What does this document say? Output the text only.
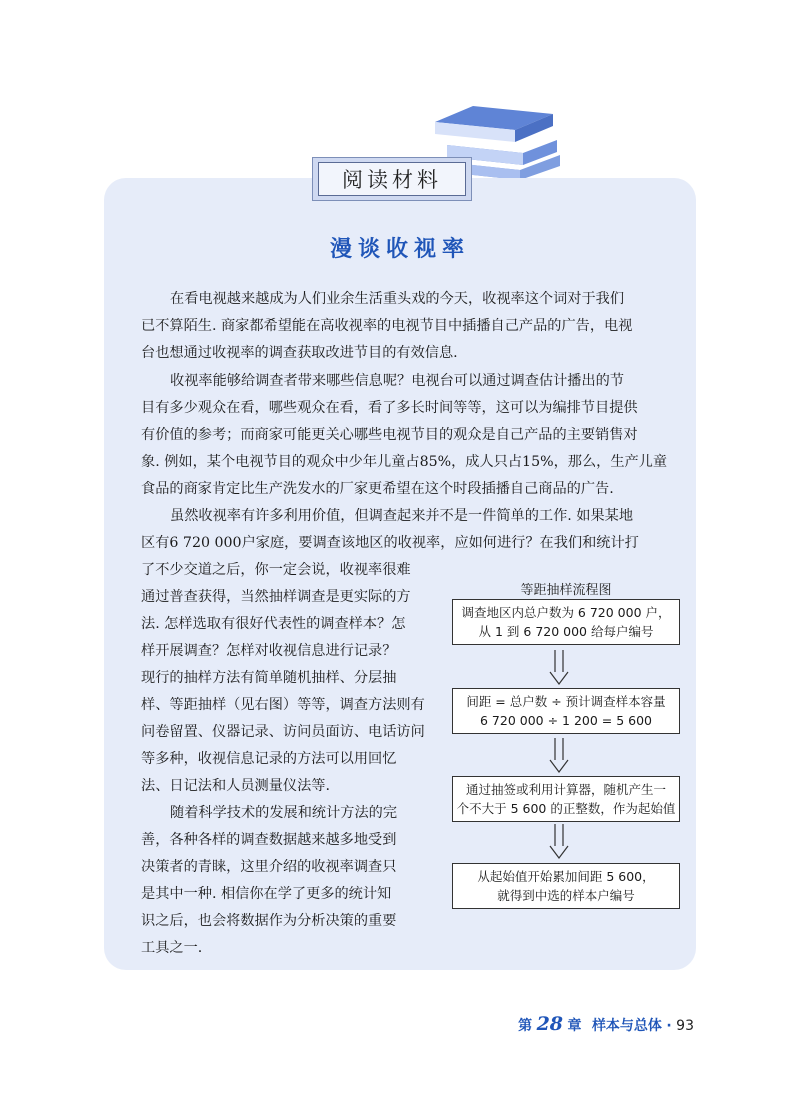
阅读材料
漫谈收视率
在看电视越来越成为人们业余生活重头戏的今天，收视率这个词对于我们
已不算陌生. 商家都希望能在高收视率的电视节目中插播自己产品的广告，电视
台也想通过收视率的调查获取改进节目的有效信息.
收视率能够给调查者带来哪些信息呢？电视台可以通过调查估计播出的节
目有多少观众在看，哪些观众在看，看了多长时间等等，这可以为编排节目提供
有价值的参考；而商家可能更关心哪些电视节目的观众是自己产品的主要销售对
象. 例如，某个电视节目的观众中少年儿童占85%，成人只占15%，那么，生产儿童
食品的商家肯定比生产洗发水的厂家更希望在这个时段插播自己商品的广告.
虽然收视率有许多利用价值，但调查起来并不是一件简单的工作. 如果某地
区有6 720 000户家庭，要调查该地区的收视率，应如何进行？在我们和统计打
了不少交道之后，你一定会说，收视率很难
通过普查获得，当然抽样调查是更实际的方
法. 怎样选取有很好代表性的调查样本？怎
样开展调查？怎样对收视信息进行记录？
现行的抽样方法有简单随机抽样、分层抽
样、等距抽样（见右图）等等，调查方法则有
问卷留置、仪器记录、访问员面访、电话访问
等多种，收视信息记录的方法可以用回忆
法、日记法和人员测量仪法等.
随着科学技术的发展和统计方法的完
善，各种各样的调查数据越来越多地受到
决策者的青睐，这里介绍的收视率调查只
是其中一种. 相信你在学了更多的统计知
识之后，也会将数据作为分析决策的重要
工具之一.
等距抽样流程图
调查地区内总户数为 6 720 000 户，
从 1 到 6 720 000 给每户编号
间距 = 总户数 ÷ 预计调查样本容量
6 720 000 ÷ 1 200 = 5 600
通过抽签或利用计算器，随机产生一
个不大于 5 600 的正整数，作为起始值
从起始值开始累加间距 5 600，
就得到中选的样本户编号
第 28 章 样本与总体 · 93
